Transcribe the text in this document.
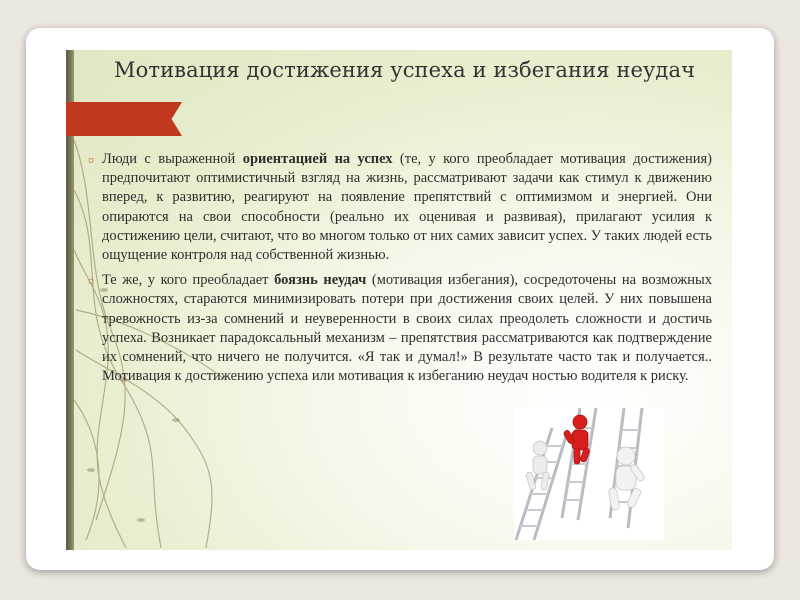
Мотивация достижения успеха и избегания неудач

¤ Люди с выраженной ориентацией на успех (те, у кого преобладает мотивация достижения) предпочитают оптимистичный взгляд на жизнь, рассматривают задачи как стимул к движению вперед, к развитию, реагируют на появление препятствий с оптимизмом и энергией. Они опираются на свои способности (реально их оценивая и развивая), прилагают усилия к достижению цели, считают, что во многом только от них самих зависит успех. У таких людей есть ощущение контроля над собственной жизнью.

¤ Те же, у кого преобладает боязнь неудач (мотивация избегания), сосредоточены на возможных сложностях, стараются минимизировать потери при достижения своих целей. У них повышена тревожность из-за сомнений и неуверенности в своих силах преодолеть сложности и достичь успеха. Возникает парадоксальный механизм – препятствия рассматриваются как подтверждение их сомнений, что ничего не получится. «Я так и думал!» В результате часто так и получается.. Мотивация к достижению успеха или мотивация к избеганию неудач ностью водителя к риску.
